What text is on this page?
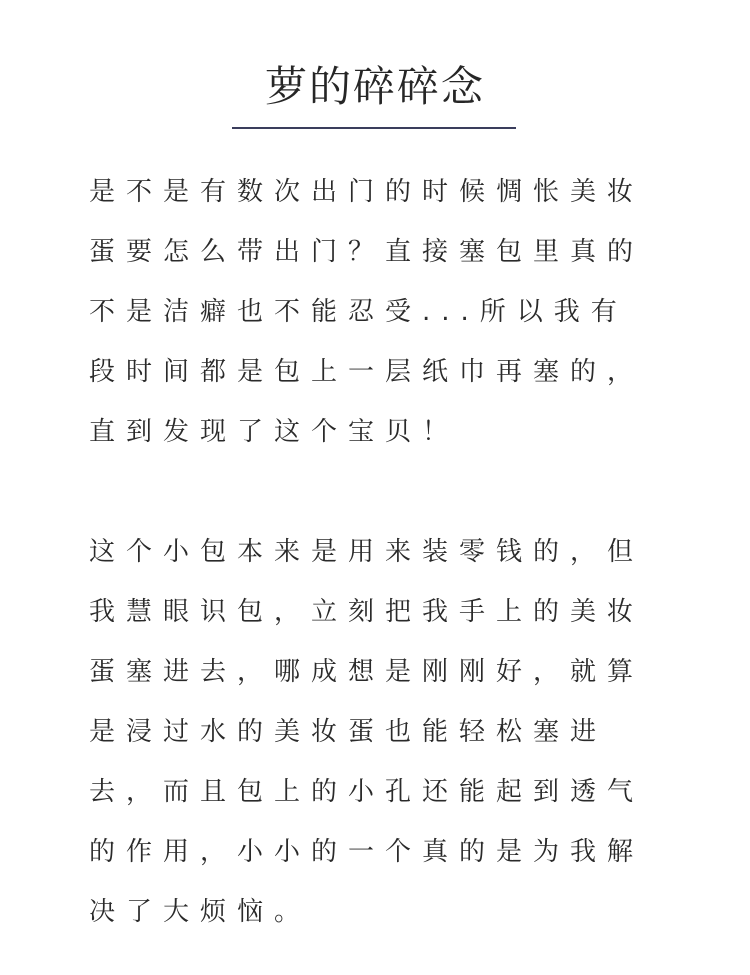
萝的碎碎念
是不是有数次出门的时候惆怅美妆
蛋要怎么带出门？直接塞包里真的
不是洁癖也不能忍受...所以我有
段时间都是包上一层纸巾再塞的，
直到发现了这个宝贝！
这个小包本来是用来装零钱的，但
我慧眼识包，立刻把我手上的美妆
蛋塞进去，哪成想是刚刚好，就算
是浸过水的美妆蛋也能轻松塞进
去，而且包上的小孔还能起到透气
的作用，小小的一个真的是为我解
决了大烦恼。
